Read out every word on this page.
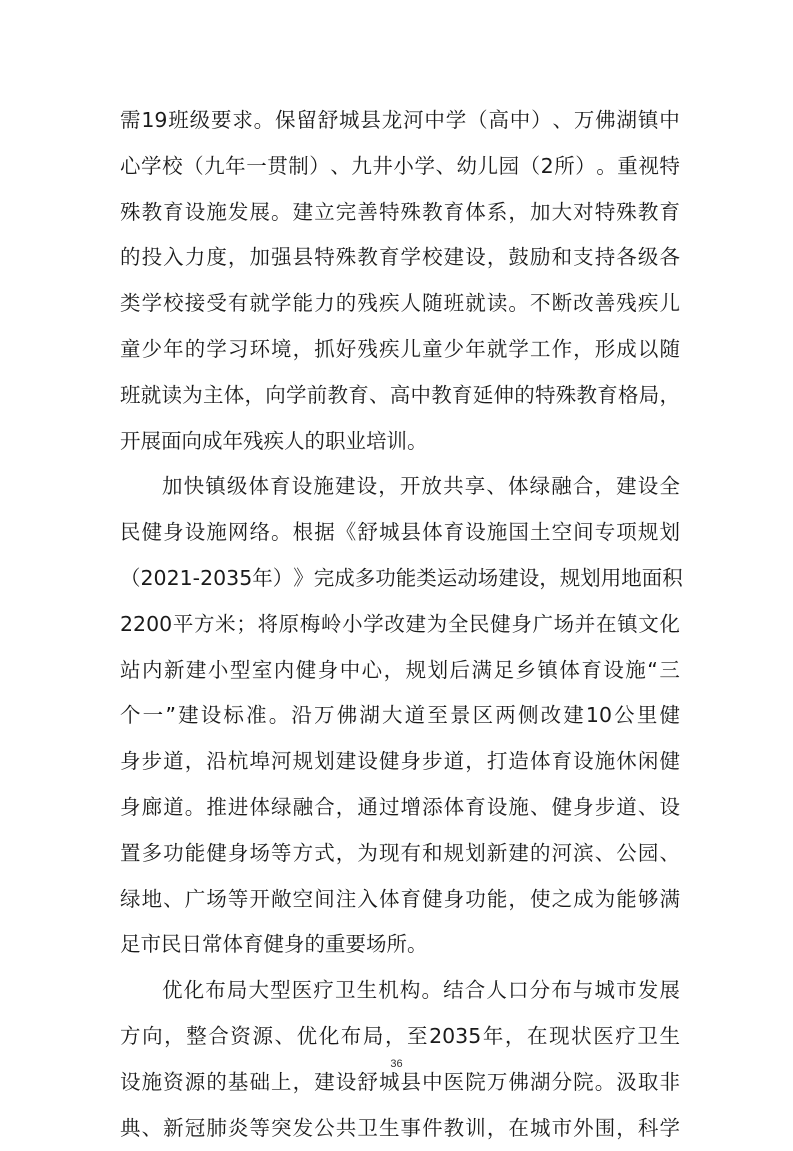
需 19 班 级 要 求 。 保 留 舒 城 县 龙 河 中 学 （ 高 中 ） 、 万 佛 湖 镇 中
心 学 校 （ 九 年 一 贯 制 ） 、 九 井 小 学 、 幼 儿 园 （ 2 所 ） 。 重 视 特
殊 教 育 设 施 发 展 。 建 立 完 善 特 殊 教 育 体 系 ， 加 大 对 特 殊 教 育
的 投 入 力 度 ， 加 强 县 特 殊 教 育 学 校 建 设 ， 鼓 励 和 支 持 各 级 各
类 学 校 接 受 有 就 学 能 力 的 残 疾 人 随 班 就 读 。 不 断 改 善 残 疾 儿
童 少 年 的 学 习 环 境 ， 抓 好 残 疾 儿 童 少 年 就 学 工 作 ， 形 成 以 随
班 就 读 为 主 体 ， 向 学 前 教 育 、 高 中 教 育 延 伸 的 特 殊 教 育 格 局 ，
开展面向成年残疾人的职业培训。
加 快 镇 级 体 育 设 施 建 设 ， 开 放 共 享 、 体 绿 融 合 ， 建 设 全
民 健 身 设 施 网 络 。 根 据 《 舒 城 县 体 育 设 施 国 土 空 间 专 项 规 划
（ 2021-2035 年 ） 》 完 成 多 功 能 类 运 动 场 建 设 ， 规 划 用 地 面 积
2200 平 方 米 ； 将 原 梅 岭 小 学 改 建 为 全 民 健 身 广 场 并 在 镇 文 化
站 内 新 建 小 型 室 内 健 身 中 心 ， 规 划 后 满 足 乡 镇 体 育 设 施 “ 三
个 一 ” 建 设 标 准 。 沿 万 佛 湖 大 道 至 景 区 两 侧 改 建 10 公 里 健
身 步 道 ， 沿 杭 埠 河 规 划 建 设 健 身 步 道 ， 打 造 体 育 设 施 休 闲 健
身 廊 道 。 推 进 体 绿 融 合 ， 通 过 增 添 体 育 设 施 、 健 身 步 道 、 设
置 多 功 能 健 身 场 等 方 式 ， 为 现 有 和 规 划 新 建 的 河 滨 、 公 园 、
绿 地 、 广 场 等 开 敞 空 间 注 入 体 育 健 身 功 能 ， 使 之 成 为 能 够 满
足市民日常体育健身的重要场所。
优 化 布 局 大 型 医 疗 卫 生 机 构 。 结 合 人 口 分 布 与 城 市 发 展
方 向 ， 整 合 资 源 、 优 化 布 局 ， 至 2035 年 ， 在 现 状 医 疗 卫 生
设 施 资 源 的 基 础 上 ， 建 设 舒 城 县 中 医 院 万 佛 湖 分 院 。 汲 取 非
典 、 新 冠 肺 炎 等 突 发 公 共 卫 生 事 件 教 训 ， 在 城 市 外 围 ， 科 学
36
